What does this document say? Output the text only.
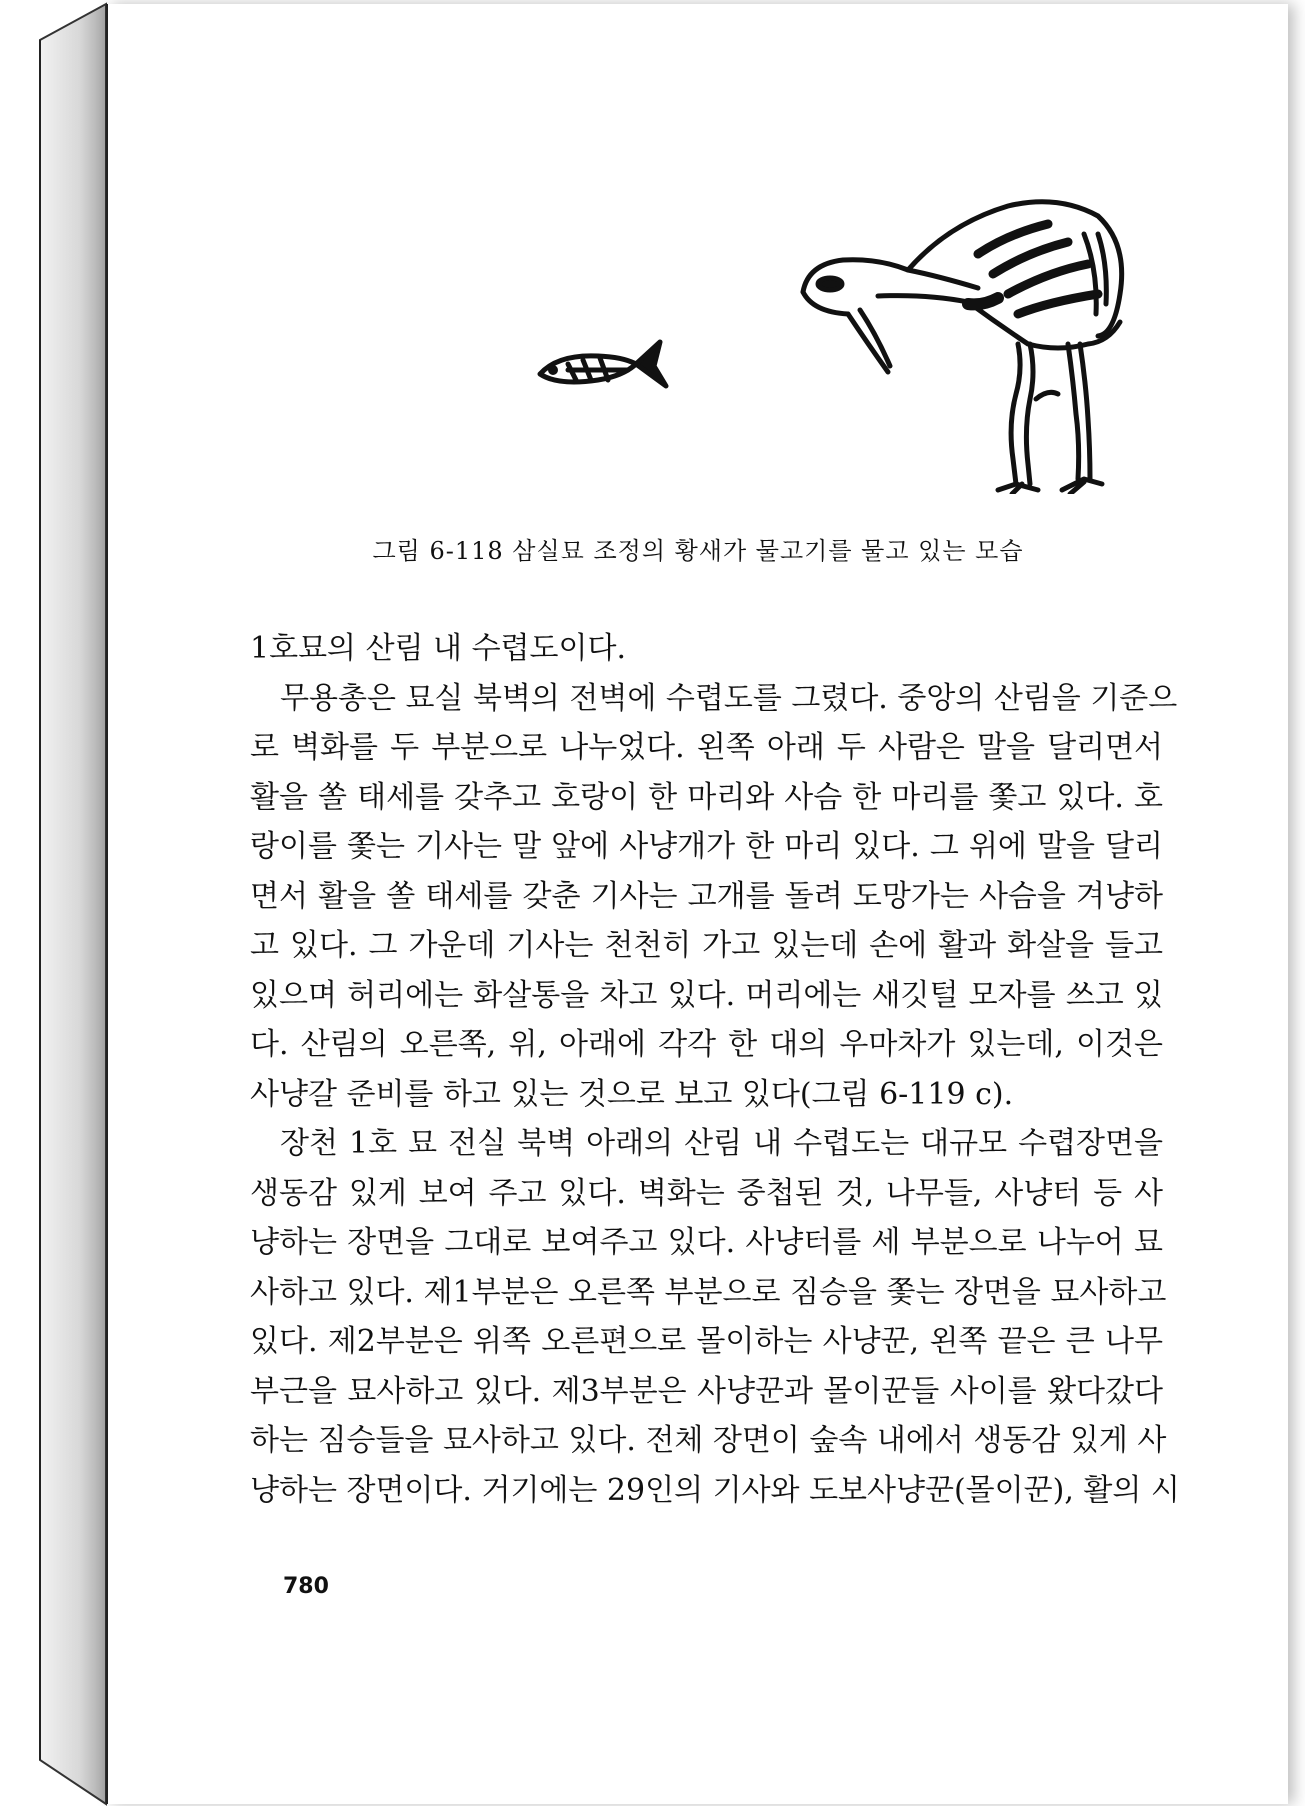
그림 6-118 삼실묘 조정의 황새가 물고기를 물고 있는 모습
1호묘의 산림 내 수렵도이다.
무용총은 묘실 북벽의 전벽에 수렵도를 그렸다. 중앙의 산림을 기준으
로 벽화를 두 부분으로 나누었다. 왼쪽 아래 두 사람은 말을 달리면서
활을 쏠 태세를 갖추고 호랑이 한 마리와 사슴 한 마리를 쫓고 있다. 호
랑이를 쫓는 기사는 말 앞에 사냥개가 한 마리 있다. 그 위에 말을 달리
면서 활을 쏠 태세를 갖춘 기사는 고개를 돌려 도망가는 사슴을 겨냥하
고 있다. 그 가운데 기사는 천천히 가고 있는데 손에 활과 화살을 들고
있으며 허리에는 화살통을 차고 있다. 머리에는 새깃털 모자를 쓰고 있
다. 산림의 오른쪽, 위, 아래에 각각 한 대의 우마차가 있는데, 이것은
사냥갈 준비를 하고 있는 것으로 보고 있다(그림 6-119 c).
장천 1호 묘 전실 북벽 아래의 산림 내 수렵도는 대규모 수렵장면을
생동감 있게 보여 주고 있다. 벽화는 중첩된 것, 나무들, 사냥터 등 사
냥하는 장면을 그대로 보여주고 있다. 사냥터를 세 부분으로 나누어 묘
사하고 있다. 제1부분은 오른쪽 부분으로 짐승을 쫓는 장면을 묘사하고
있다. 제2부분은 위쪽 오른편으로 몰이하는 사냥꾼, 왼쪽 끝은 큰 나무
부근을 묘사하고 있다. 제3부분은 사냥꾼과 몰이꾼들 사이를 왔다갔다
하는 짐승들을 묘사하고 있다. 전체 장면이 숲속 내에서 생동감 있게 사
냥하는 장면이다. 거기에는 29인의 기사와 도보사냥꾼(몰이꾼), 활의 시
780
